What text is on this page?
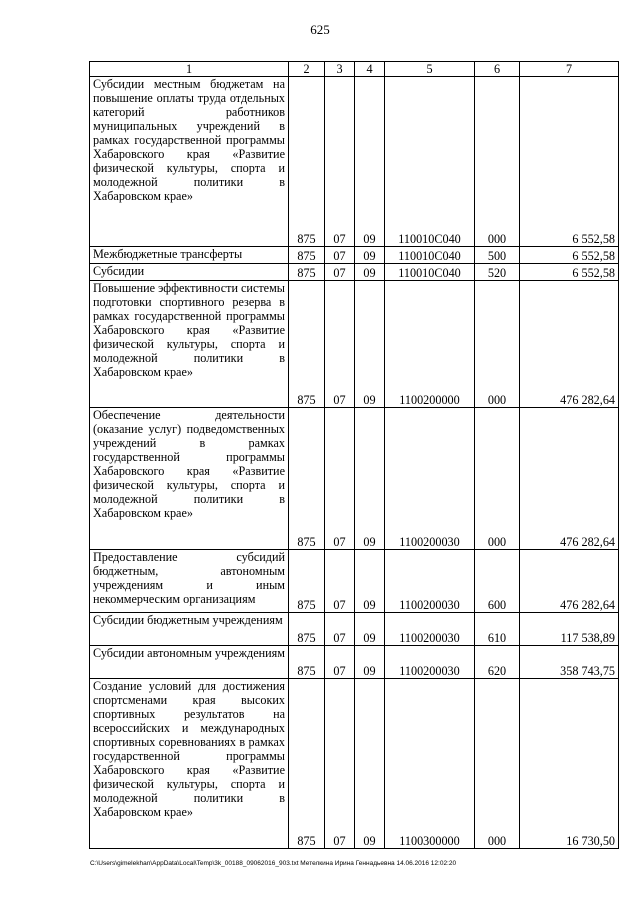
625
1	2	3	4	5	6	7
Субсидии местным бюджетам на повышение оплаты труда отдельных категорий работников муниципальных учреждений в рамках государственной программы Хабаровского края «Развитие физической культуры, спорта и молодежной политики в Хабаровском крае»	875	07	09	110010С040	000	6 552,58
Межбюджетные трансферты	875	07	09	110010С040	500	6 552,58
Субсидии	875	07	09	110010С040	520	6 552,58
Повышение эффективности системы подготовки спортивного резерва в рамках государственной программы Хабаровского края «Развитие физической культуры, спорта и молодежной политики в Хабаровском крае»	875	07	09	1100200000	000	476 282,64
Обеспечение деятельности (оказание услуг) подведомственных учреждений в рамках государственной программы Хабаровского края «Развитие физической культуры, спорта и молодежной политики в Хабаровском крае»	875	07	09	1100200030	000	476 282,64
Предоставление субсидий бюджетным, автономным учреждениям и иным некоммерческим организациям	875	07	09	1100200030	600	476 282,64
Субсидии бюджетным учреждениям	875	07	09	1100200030	610	117 538,89
Субсидии автономным учреждениям	875	07	09	1100200030	620	358 743,75
Создание условий для достижения спортсменами края высоких спортивных результатов на всероссийских и международных спортивных соревнованиях в рамках государственной программы Хабаровского края «Развитие физической культуры, спорта и молодежной политики в Хабаровском крае»	875	07	09	1100300000	000	16 730,50
C:\Users\gimelekhan\AppData\Local\Temp\3k_00188_09062016_903.txt Метелкина Ирина Геннадьевна 14.06.2016 12:02:20
